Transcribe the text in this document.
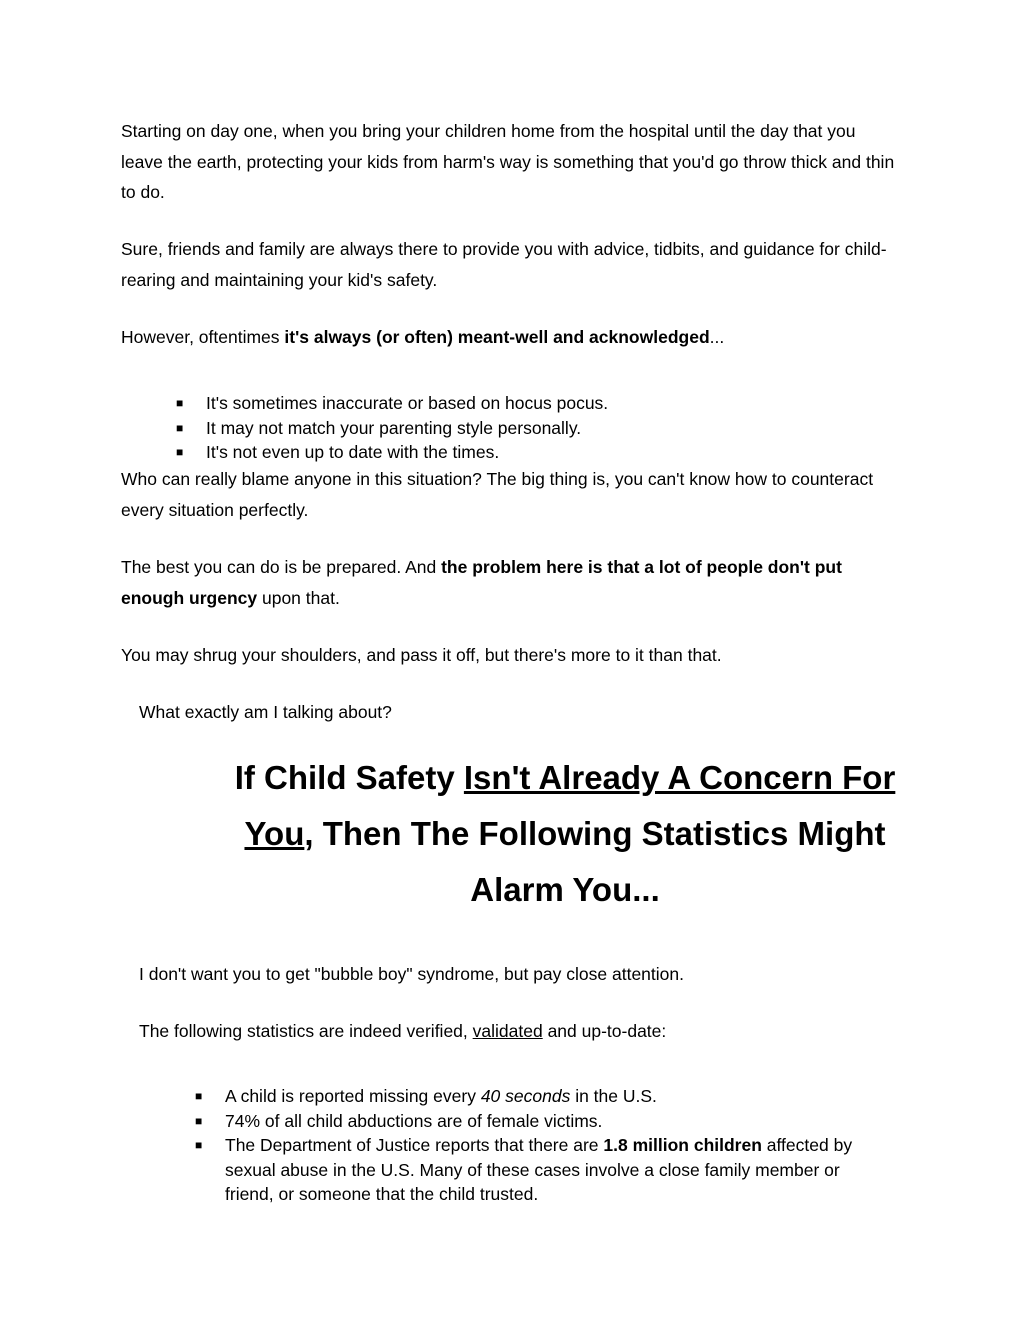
Starting on day one, when you bring your children home from the hospital until the day that you leave the earth, protecting your kids from harm's way is something that you'd go throw thick and thin to do.

Sure, friends and family are always there to provide you with advice, tidbits, and guidance for child-rearing and maintaining your kid's safety.

However, oftentimes it's always (or often) meant-well and acknowledged...

■ It's sometimes inaccurate or based on hocus pocus.
■ It may not match your parenting style personally.
■ It's not even up to date with the times.

Who can really blame anyone in this situation? The big thing is, you can't know how to counteract every situation perfectly.

The best you can do is be prepared. And the problem here is that a lot of people don't put enough urgency upon that.

You may shrug your shoulders, and pass it off, but there's more to it than that.

What exactly am I talking about?

If Child Safety Isn't Already A Concern For You, Then The Following Statistics Might Alarm You...

I don't want you to get "bubble boy" syndrome, but pay close attention.

The following statistics are indeed verified, validated and up-to-date:

■ A child is reported missing every 40 seconds in the U.S.
■ 74% of all child abductions are of female victims.
■ The Department of Justice reports that there are 1.8 million children affected by sexual abuse in the U.S. Many of these cases involve a close family member or friend, or someone that the child trusted.
